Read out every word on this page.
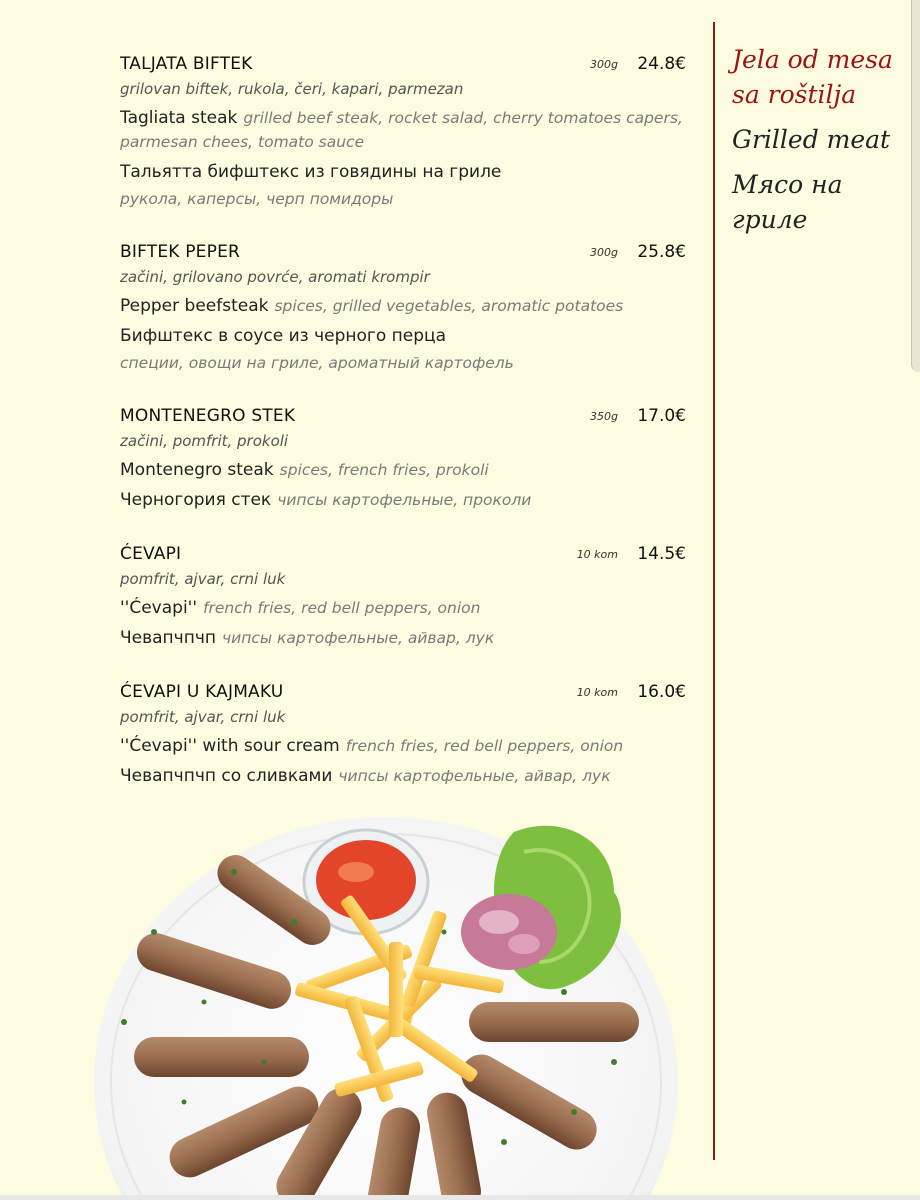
TALJATA BIFTEK	300g 24.8€
grilovan biftek, rukola, čeri, kapari, parmezan
Tagliata steak grilled beef steak, rocket salad, cherry tomatoes capers, parmesan chees, tomato sauce
Тальятта бифштекс из говядины на гриле
рукола, каперсы, черп помидоры
BIFTEK PEPER	300g 25.8€
začini, grilovano povrće, aromati krompir
Pepper beefsteak spices, grilled vegetables, aromatic potatoes
Бифштекс в соусе из черного перца
специи, овощи на гриле, ароматный картофель
MONTENEGRO STEK	350g 17.0€
začini, pomfrit, prokoli
Montenegro steak spices, french fries, prokoli
Черногория стек чипсы картофельные, проколи
ĆEVAPI	10 kom 14.5€
pomfrit, ajvar, crni luk
''Ćevapi'' french fries, red bell peppers, onion
Чевапчпчп чипсы картофельные, айвар, лук
ĆEVAPI U KAJMAKU	10 kom 16.0€
pomfrit, ajvar, crni luk
''Ćevapi'' with sour cream french fries, red bell peppers, onion
Чевапчпчп со сливками чипсы картофельные, айвар, лук
Jela od mesa sa roštilja
Grilled meat
Мясо на гриле
